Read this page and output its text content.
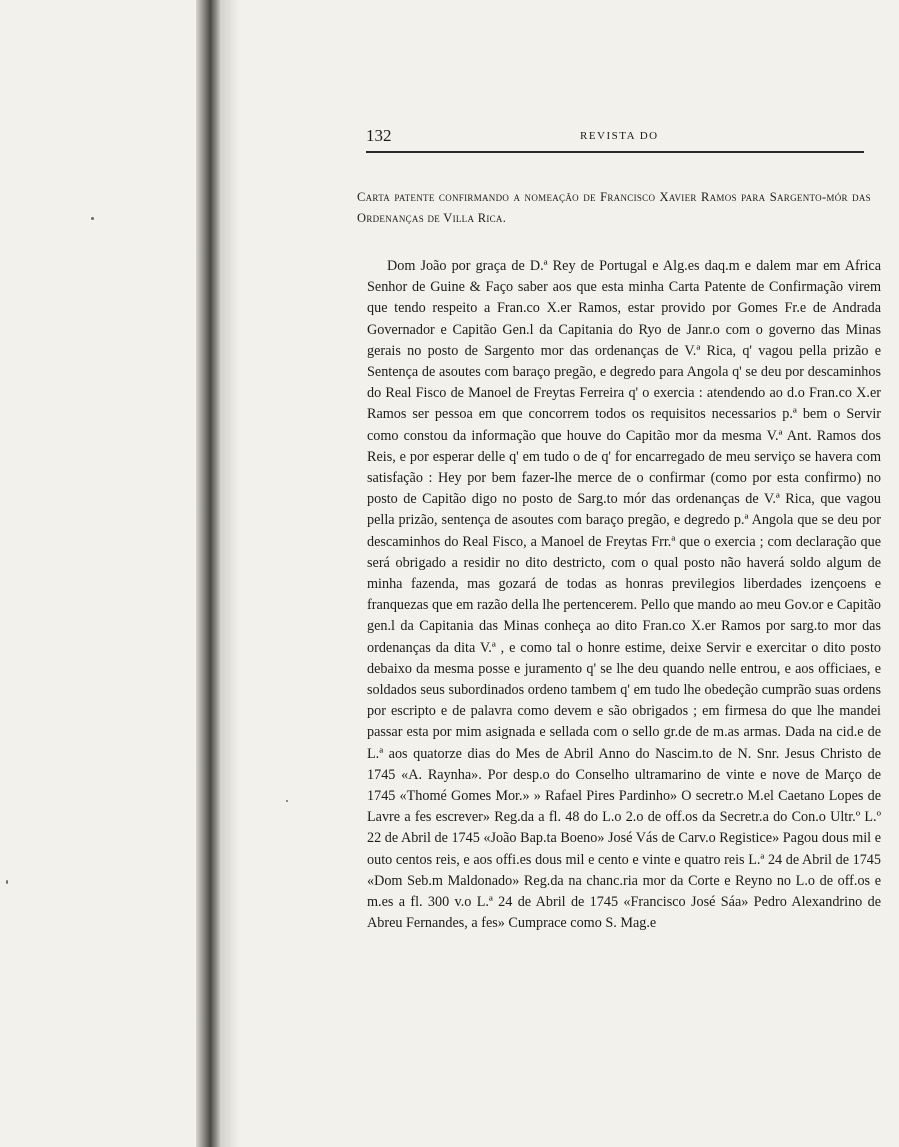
132	REVISTA DO
Carta patente confirmando a nomeação de Francisco Xavier Ramos para Sargento-mór das Ordenanças de Villa Rica.

Dom João por graça de D.ª Rey de Portugal e Alg.es daq.m e dalem mar em Africa Senhor de Guine & Faço saber aos que esta minha Carta Patente de Confirmação virem que tendo respeito a Fran.co X.er Ramos, estar provido por Gomes Fr.e de Andrada Governador e Capitão Gen.l da Capitania do Ryo de Janr.o com o governo das Minas gerais no posto de Sargento mor das ordenanças de V.ª Rica, q' vagou pella prizão e Sentença de asoutes com baraço pregão, e degredo para Angola q' se deu por descaminhos do Real Fisco de Manoel de Freytas Ferreira q' o exercia : atendendo ao d.o Fran.co X.er Ramos ser pessoa em que concorrem todos os requisitos necessarios p.ª bem o Servir como constou da informação que houve do Capitão mor da mesma V.ª Ant. Ramos dos Reis, e por esperar delle q' em tudo o de q' for encarregado de meu serviço se havera com satisfação : Hey por bem fazer-lhe merce de o confirmar (como por esta confirmo) no posto de Capitão digo no posto de Sarg.to mór das ordenanças de V.ª Rica, que vagou pella prizão, sentença de asoutes com baraço pregão, e degredo p.ª Angola que se deu por descaminhos do Real Fisco, a Manoel de Freytas Frr.ª que o exercia ; com declaração que será obrigado a residir no dito destricto, com o qual posto não haverá soldo algum de minha fazenda, mas gozará de todas as honras previlegios liberdades izençoens e franquezas que em razão della lhe pertencerem. Pello que mando ao meu Gov.or e Capitão gen.l da Capitania das Minas conheça ao dito Fran.co X.er Ramos por sarg.to mor das ordenanças da dita V.ª , e como tal o honre estime, deixe Servir e exercitar o dito posto debaixo da mesma posse e juramento q' se lhe deu quando nelle entrou, e aos officiaes, e soldados seus subordinados ordeno tambem q' em tudo lhe obedeção cumprão suas ordens por escripto e de palavra como devem e são obrigados ; em firmesa do que lhe mandei passar esta por mim asignada e sellada com o sello gr.de de m.as armas. Dada na cid.e de L.ª aos quatorze dias do Mes de Abril Anno do Nascim.to de N. Snr. Jesus Christo de 1745 «A. Raynha». Por desp.o do Conselho ultramarino de vinte e nove de Março de 1745 «Thomé Gomes Mor.» » Rafael Pires Pardinho» O secretr.o M.el Caetano Lopes de Lavre a fes escrever» Reg.da a fl. 48 do L.o 2.o de off.os da Secretr.a do Con.o Ultr.º L.º 22 de Abril de 1745 «João Bap.ta Boeno» José Vás de Carv.o Registice» Pagou dous mil e outo centos reis, e aos offi.es dous mil e cento e vinte e quatro reis L.ª 24 de Abril de 1745 «Dom Seb.m Maldonado» Reg.da na chanc.ria mor da Corte e Reyno no L.o de off.os e m.es a fl. 300 v.o L.ª 24 de Abril de 1745 «Francisco José Sáa» Pedro Alexandrino de Abreu Fernandes, a fes» Cumprace como S. Mag.e
